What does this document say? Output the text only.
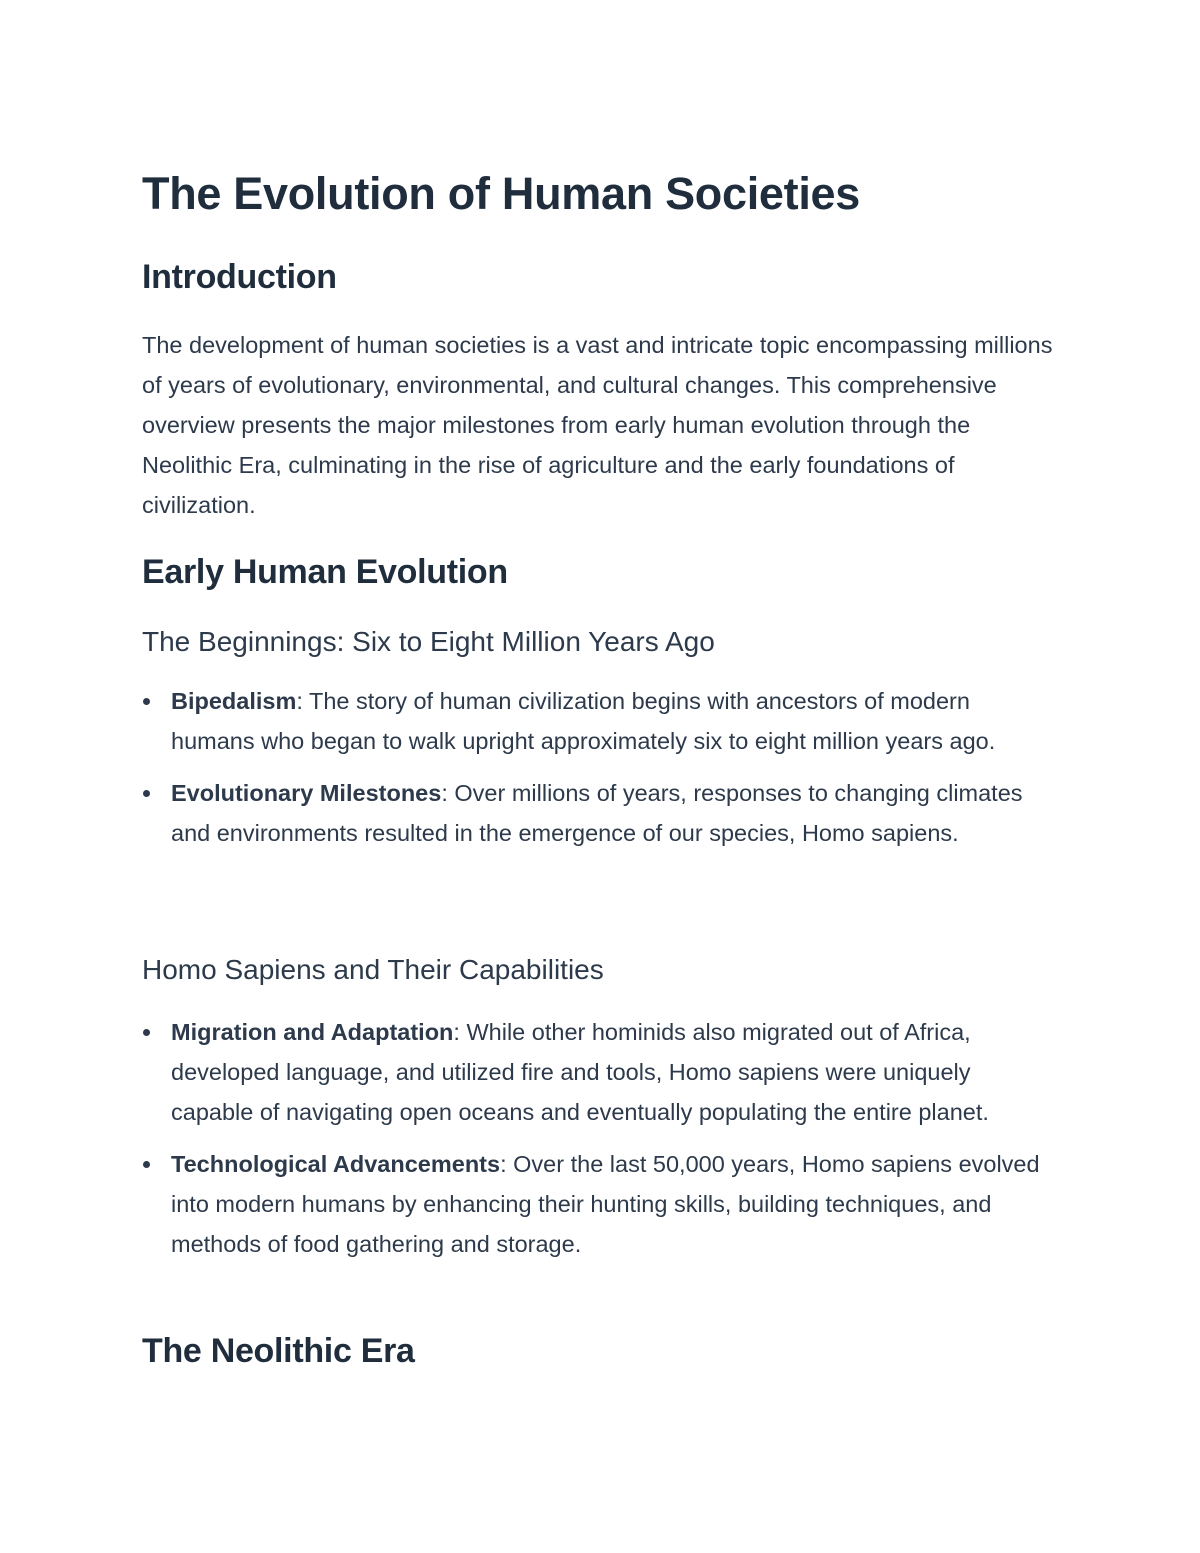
The Evolution of Human Societies
Introduction

The development of human societies is a vast and intricate topic encompassing millions of years of evolutionary, environmental, and cultural changes. This comprehensive overview presents the major milestones from early human evolution through the Neolithic Era, culminating in the rise of agriculture and the early foundations of civilization.

Early Human Evolution
The Beginnings: Six to Eight Million Years Ago
Bipedalism: The story of human civilization begins with ancestors of modern humans who began to walk upright approximately six to eight million years ago.
Evolutionary Milestones: Over millions of years, responses to changing climates and environments resulted in the emergence of our species, Homo sapiens.
Homo Sapiens and Their Capabilities
Migration and Adaptation: While other hominids also migrated out of Africa, developed language, and utilized fire and tools, Homo sapiens were uniquely capable of navigating open oceans and eventually populating the entire planet.
Technological Advancements: Over the last 50,000 years, Homo sapiens evolved into modern humans by enhancing their hunting skills, building techniques, and methods of food gathering and storage.
The Neolithic Era
